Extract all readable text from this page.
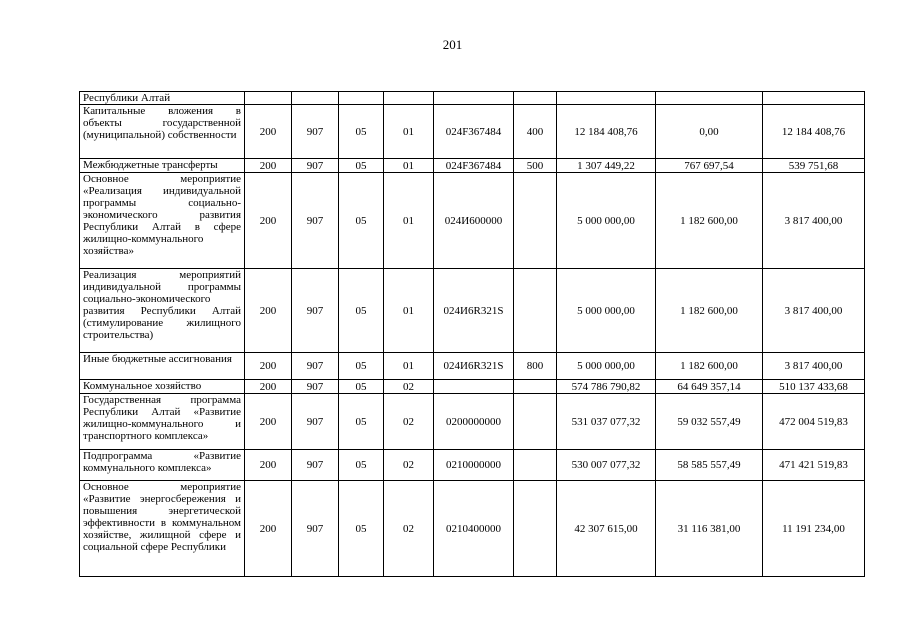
201
Республики Алтай									
Капитальные вложения в объекты государственной (муниципальной) собственности	200	907	05	01	024F367484	400	12 184 408,76	0,00	12 184 408,76
Межбюджетные трансферты	200	907	05	01	024F367484	500	1 307 449,22	767 697,54	539 751,68
Основное мероприятие «Реализация индивидуальной программы социально-экономического развития Республики Алтай в сфере жилищно-коммунального хозяйства»	200	907	05	01	024И600000		5 000 000,00	1 182 600,00	3 817 400,00
Реализация мероприятий индивидуальной программы социально-экономического развития Республики Алтай (стимулирование жилищного строительства)	200	907	05	01	024И6R321S		5 000 000,00	1 182 600,00	3 817 400,00
Иные бюджетные ассигнования	200	907	05	01	024И6R321S	800	5 000 000,00	1 182 600,00	3 817 400,00
Коммунальное хозяйство	200	907	05	02			574 786 790,82	64 649 357,14	510 137 433,68
Государственная программа Республики Алтай «Развитие жилищно-коммунального и транспортного комплекса»	200	907	05	02	0200000000		531 037 077,32	59 032 557,49	472 004 519,83
Подпрограмма «Развитие коммунального комплекса»	200	907	05	02	0210000000		530 007 077,32	58 585 557,49	471 421 519,83
Основное мероприятие «Развитие энергосбережения и повышения энергетической эффективности в коммунальном хозяйстве, жилищной сфере и социальной сфере Республики	200	907	05	02	0210400000		42 307 615,00	31 116 381,00	11 191 234,00
